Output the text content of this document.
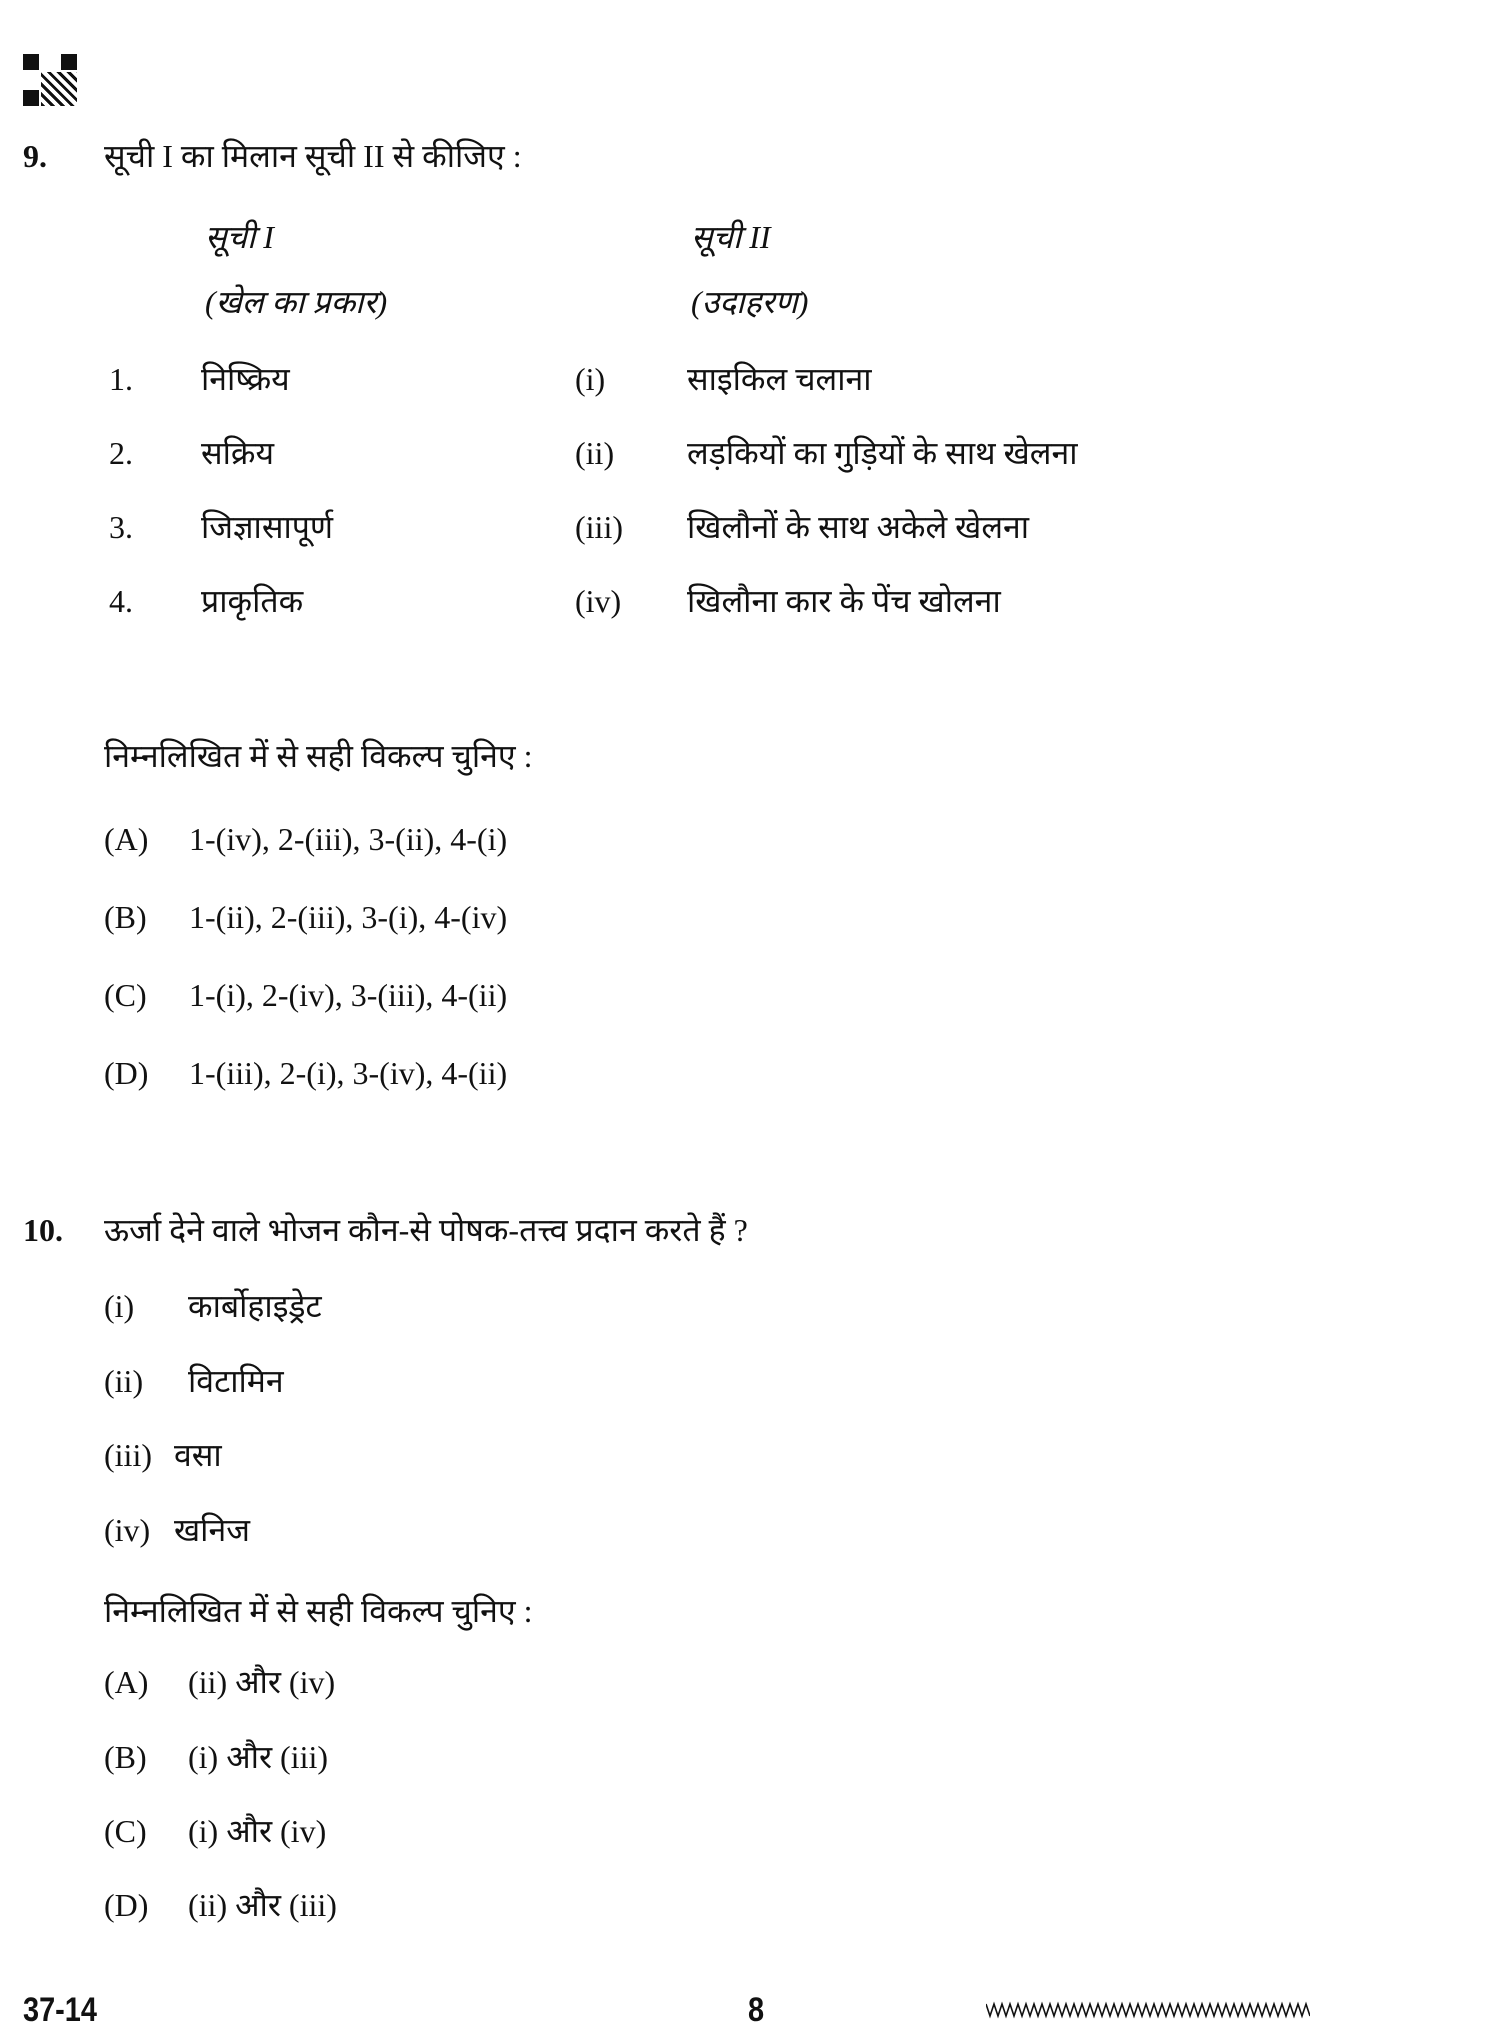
9. सूची I का मिलान सूची II से कीजिए :
सूची I
(खेल का प्रकार)
सूची II
(उदाहरण)
1. निष्क्रिय	(i)	साइकिल चलाना
2. सक्रिय	(ii) लड़कियों का गुड़ियों के साथ खेलना
3. जिज्ञासापूर्ण	(iii) खिलौनों के साथ अकेले खेलना
4. प्राकृतिक	(iv) खिलौना कार के पेंच खोलना
निम्नलिखित में से सही विकल्प चुनिए :
(A) 1-(iv), 2-(iii), 3-(ii), 4-(i)
(B) 1-(ii), 2-(iii), 3-(i), 4-(iv)
(C) 1-(i), 2-(iv), 3-(iii), 4-(ii)
(D) 1-(iii), 2-(i), 3-(iv), 4-(ii)
10. ऊर्जा देने वाले भोजन कौन-से पोषक-तत्त्व प्रदान करते हैं ?
(i) कार्बोहाइड्रेट
(ii) विटामिन
(iii) वसा
(iv) खनिज
निम्नलिखित में से सही विकल्प चुनिए :
(A) (ii) और (iv)
(B) (i) और (iii)
(C) (i) और (iv)
(D) (ii) और (iii)
37-14	8
